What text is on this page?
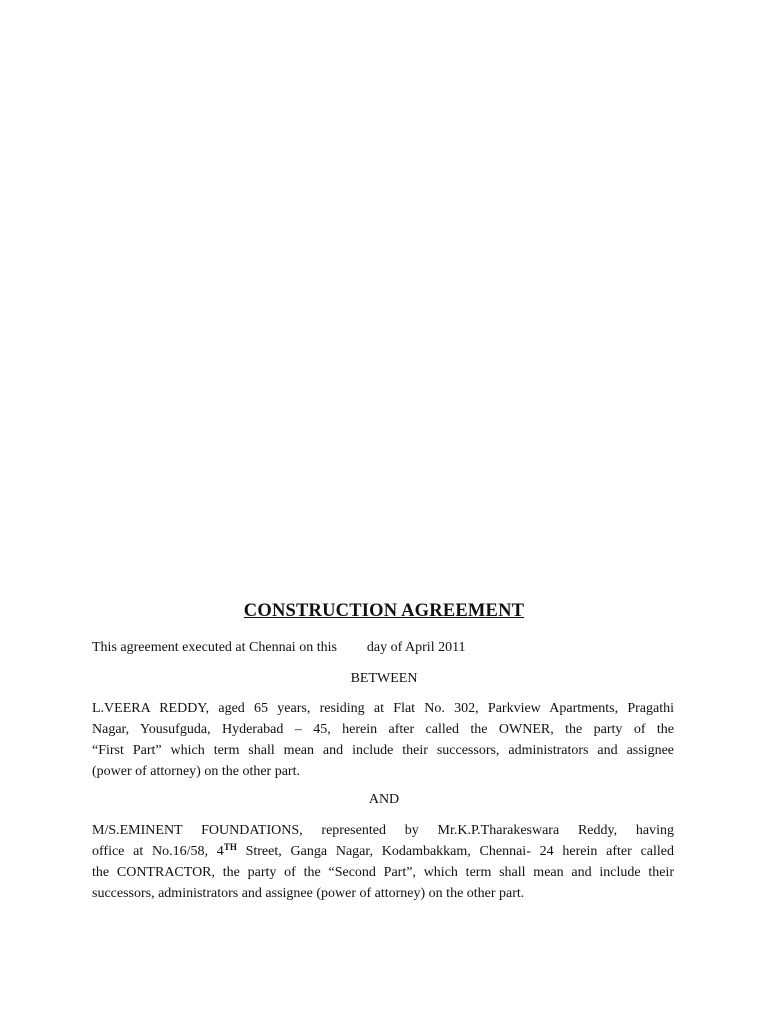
CONSTRUCTION AGREEMENT
This agreement executed at Chennai on this day of April 2011
BETWEEN
L.VEERA REDDY, aged 65 years, residing at Flat No. 302, Parkview Apartments, Pragathi
Nagar, Yousufguda, Hyderabad – 45, herein after called the OWNER, the party of the
“First Part” which term shall mean and include their successors, administrators and assignee
(power of attorney) on the other part.
AND
M/S.EMINENT FOUNDATIONS, represented by Mr.K.P.Tharakeswara Reddy, having
office at No.16/58, 4TH Street, Ganga Nagar, Kodambakkam, Chennai- 24 herein after called
the CONTRACTOR, the party of the “Second Part”, which term shall mean and include their
successors, administrators and assignee (power of attorney) on the other part.
